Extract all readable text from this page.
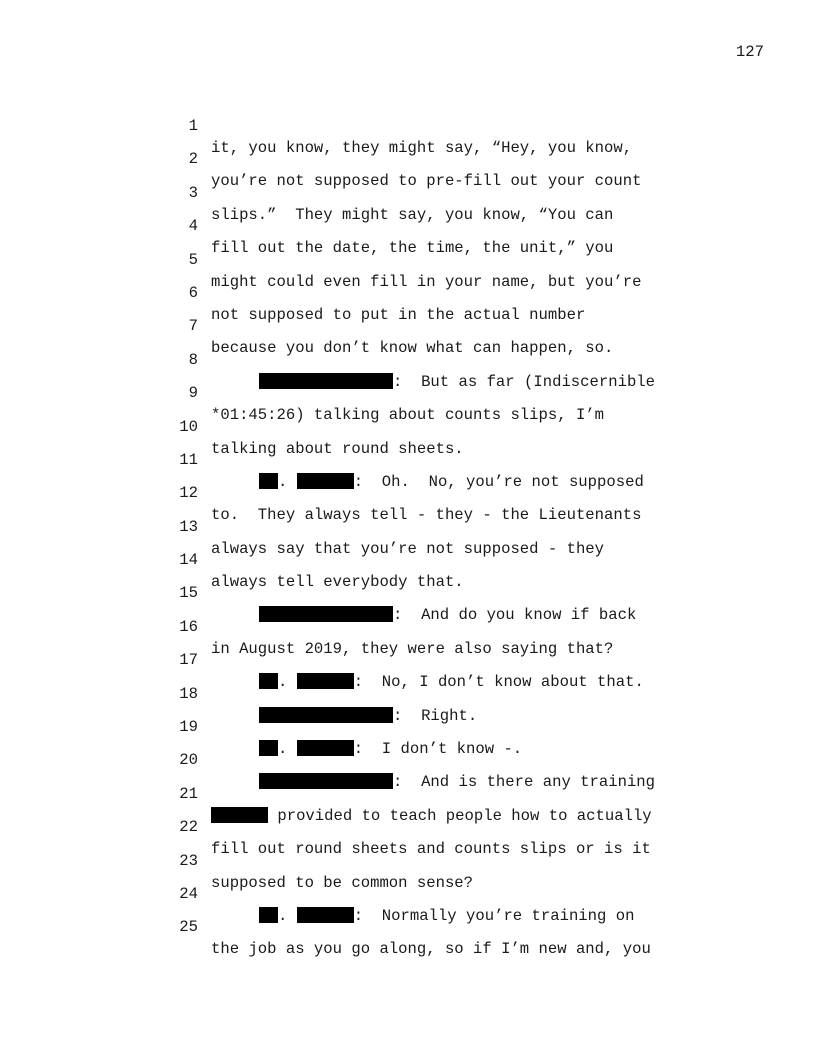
127

1

it, you know, they might say, “Hey, you know,

2

you’re not supposed to pre-fill out your count

3

slips.”  They might say, you know, “You can

4

fill out the date, the time, the unit,” you

5

might could even fill in your name, but you’re

6

not supposed to put in the actual number

7

because you don’t know what can happen, so.

8

:  But as far (Indiscernible

9

*01:45:26) talking about counts slips, I’m

10

talking about round sheets.

11

.	:  Oh.  No, you’re not supposed

12

to.  They always tell - they - the Lieutenants

13

always say that you’re not supposed - they

14

always tell everybody that.

15

:  And do you know if back

16

in August 2019, they were also saying that?

17

.	:  No, I don’t know about that.

18

:  Right.

19

.	:  I don’t know -.

20

:  And is there any training

21

provided to teach people how to actually

22

fill out round sheets and counts slips or is it

23

supposed to be common sense?

24

.	:  Normally you’re training on

25

the job as you go along, so if I’m new and, you
